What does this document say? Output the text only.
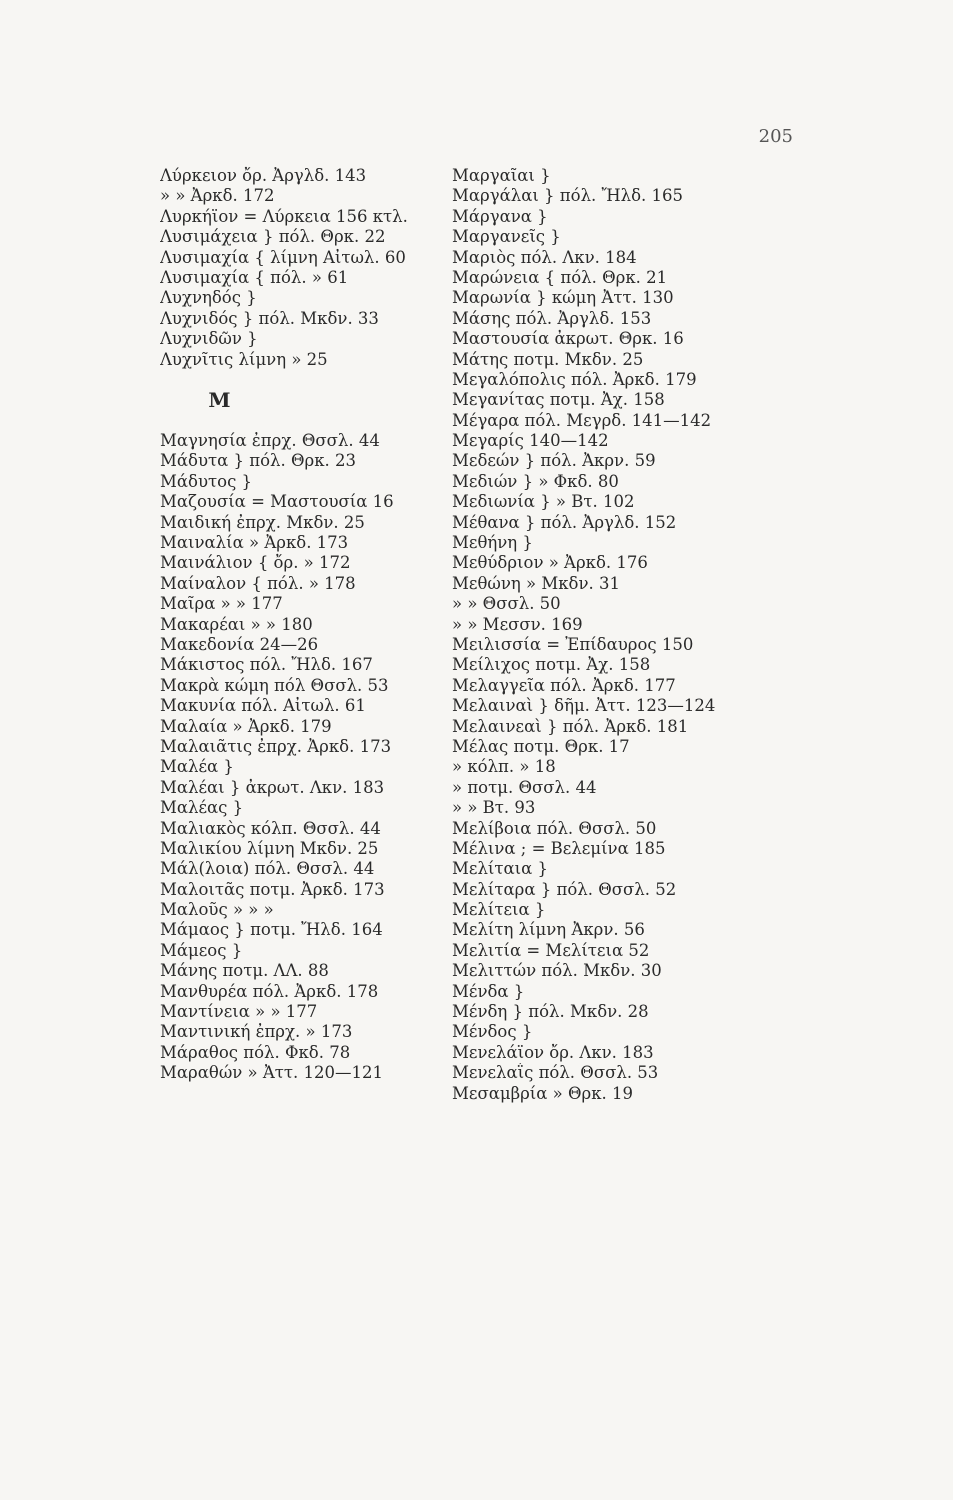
205
Λύρκειον ὄρ. Ἀργλδ. 143
» » Ἀρκδ. 172
Λυρκήϊον = Λύρκεια 156 κτλ.
Λυσιμάχεια } πόλ. Θρκ. 22
Λυσιμαχία { λίμνη Αἰτωλ. 60
Λυσιμαχία { πόλ. » 61
Λυχνηδός }
Λυχνιδός } πόλ. Μκδν. 33
Λυχνιδῶν }
Λυχνῖτις λίμνη » 25
Μ
Μαγνησία ἐπρχ. Θσσλ. 44
Μάδυτα } πόλ. Θρκ. 23
Μάδυτος }
Μαζουσία = Μαστουσία 16
Μαιδική ἐπρχ. Μκδν. 25
Μαιναλία » Ἀρκδ. 173
Μαινάλιον { ὄρ. » 172
Μαίναλον { πόλ. » 178
Μαῖρα » » 177
Μακαρέαι » » 180
Μακεδονία 24—26
Μάκιστος πόλ. Ἤλδ. 167
Μακρὰ κώμη πόλ Θσσλ. 53
Μακυνία πόλ. Αἰτωλ. 61
Μαλαία » Ἀρκδ. 179
Μαλαιᾶτις ἐπρχ. Ἀρκδ. 173
Μαλέα }
Μαλέαι } ἀκρωτ. Λκν. 183
Μαλέας }
Μαλιακὸς κόλπ. Θσσλ. 44
Μαλικίου λίμνη Μκδν. 25
Μάλ(λοια) πόλ. Θσσλ. 44
Μαλοιτᾶς ποτμ. Ἀρκδ. 173
Μαλοῦς » » »
Μάμαος } ποτμ. Ἤλδ. 164
Μάμεος }
Μάνης ποτμ. ΛΛ. 88
Μανθυρέα πόλ. Ἀρκδ. 178
Μαντίνεια » » 177
Μαντινική ἐπρχ. » 173
Μάραθος πόλ. Φκδ. 78
Μαραθών » Ἀττ. 120—121
Μαργαῖαι }
Μαργάλαι } πόλ. Ἤλδ. 165
Μάργανα }
Μαργανεῖς }
Μαριὸς πόλ. Λκν. 184
Μαρώνεια { πόλ. Θρκ. 21
Μαρωνία } κώμη Ἀττ. 130
Μάσης πόλ. Ἀργλδ. 153
Μαστουσία ἀκρωτ. Θρκ. 16
Μάτης ποτμ. Μκδν. 25
Μεγαλόπολις πόλ. Ἀρκδ. 179
Μεγανίτας ποτμ. Ἀχ. 158
Μέγαρα πόλ. Μεγρδ. 141—142
Μεγαρίς 140—142
Μεδεών } πόλ. Ἀκρν. 59
Μεδιών } » Φκδ. 80
Μεδιωνία } » Βτ. 102
Μέθανα } πόλ. Ἀργλδ. 152
Μεθήνη }
Μεθύδριον » Ἀρκδ. 176
Μεθώνη » Μκδν. 31
» » Θσσλ. 50
» » Μεσσν. 169
Μειλισσία = Ἐπίδαυρος 150
Μείλιχος ποτμ. Ἀχ. 158
Μελαγγεῖα πόλ. Ἀρκδ. 177
Μελαιναὶ } δῆμ. Ἀττ. 123—124
Μελαινεαὶ } πόλ. Ἀρκδ. 181
Μέλας ποτμ. Θρκ. 17
» κόλπ. » 18
» ποτμ. Θσσλ. 44
» » Βτ. 93
Μελίβοια πόλ. Θσσλ. 50
Μέλινα ; = Βελεμίνα 185
Μελίταια }
Μελίταρα } πόλ. Θσσλ. 52
Μελίτεια }
Μελίτη λίμνη Ἀκρν. 56
Μελιτία = Μελίτεια 52
Μελιττών πόλ. Μκδν. 30
Μένδα }
Μένδη } πόλ. Μκδν. 28
Μένδος }
Μενελάϊον ὄρ. Λκν. 183
Μενελαΐς πόλ. Θσσλ. 53
Μεσαμβρία » Θρκ. 19
